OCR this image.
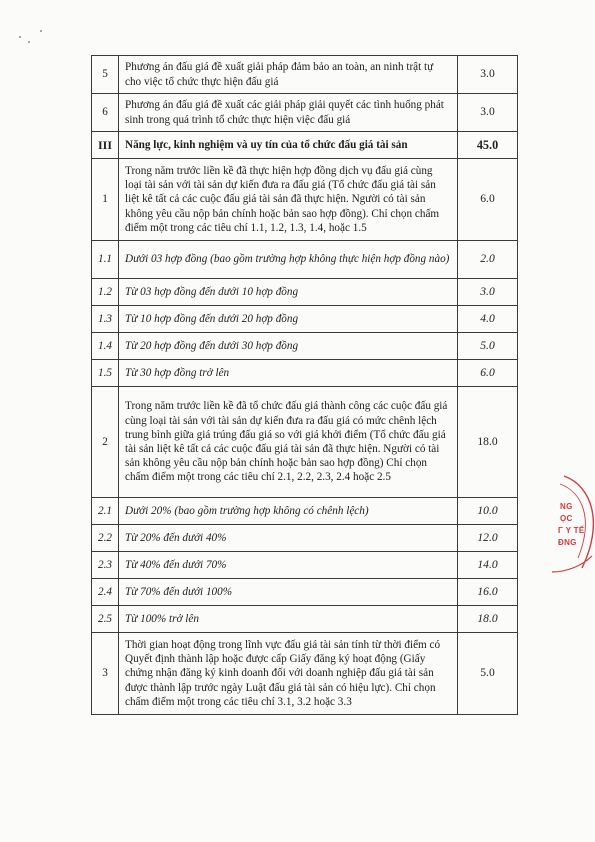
5	Phương án đấu giá đề xuất giải pháp đảm bảo an toàn, an ninh trật tự cho việc tổ chức thực hiện đấu giá	3.0
6	Phương án đấu giá đề xuất các giải pháp giải quyết các tình huống phát sinh trong quá trình tổ chức thực hiện việc đấu giá	3.0
III	Năng lực, kinh nghiệm và uy tín của tổ chức đấu giá tài sản	45.0
1	Trong năm trước liền kề đã thực hiện hợp đồng dịch vụ đấu giá cùng loại tài sản với tài sản dự kiến đưa ra đấu giá (Tổ chức đấu giá tài sản liệt kê tất cả các cuộc đấu giá tài sản đã thực hiện. Người có tài sản không yêu cầu nộp bản chính hoặc bản sao hợp đồng). Chỉ chọn chấm điểm một trong các tiêu chí 1.1, 1.2, 1.3, 1.4, hoặc 1.5	6.0
1.1	Dưới 03 hợp đồng (bao gồm trường hợp không thực hiện hợp đồng nào)	2.0
1.2	Từ 03 hợp đồng đến dưới 10 hợp đồng	3.0
1.3	Từ 10 hợp đồng đến dưới 20 hợp đồng	4.0
1.4	Từ 20 hợp đồng đến dưới 30 hợp đồng	5.0
1.5	Từ 30 hợp đồng trở lên	6.0
2	Trong năm trước liền kề đã tổ chức đấu giá thành công các cuộc đấu giá cùng loại tài sản với tài sản dự kiến đưa ra đấu giá có mức chênh lệch trung bình giữa giá trúng đấu giá so với giá khởi điểm (Tổ chức đấu giá tài sản liệt kê tất cả các cuộc đấu giá tài sản đã thực hiện. Người có tài sản không yêu cầu nộp bản chính hoặc bản sao hợp đồng) Chỉ chọn chấm điểm một trong các tiêu chí 2.1, 2.2, 2.3, 2.4 hoặc 2.5	18.0
2.1	Dưới 20% (bao gồm trường hợp không có chênh lệch)	10.0
2.2	Từ 20% đến dưới 40%	12.0
2.3	Từ 40% đến dưới 70%	14.0
2.4	Từ 70% đến dưới 100%	16.0
2.5	Từ 100% trở lên	18.0
3	Thời gian hoạt động trong lĩnh vực đấu giá tài sản tính từ thời điểm có Quyết định thành lập hoặc được cấp Giấy đăng ký hoạt động (Giấy chứng nhận đăng ký kinh doanh đối với doanh nghiệp đấu giá tài sản được thành lập trước ngày Luật đấu giá tài sản có hiệu lực). Chỉ chọn chấm điểm một trong các tiêu chí 3.1, 3.2 hoặc 3.3	5.0
NG
ỌC
Γ Y TẾ
ĐNG
